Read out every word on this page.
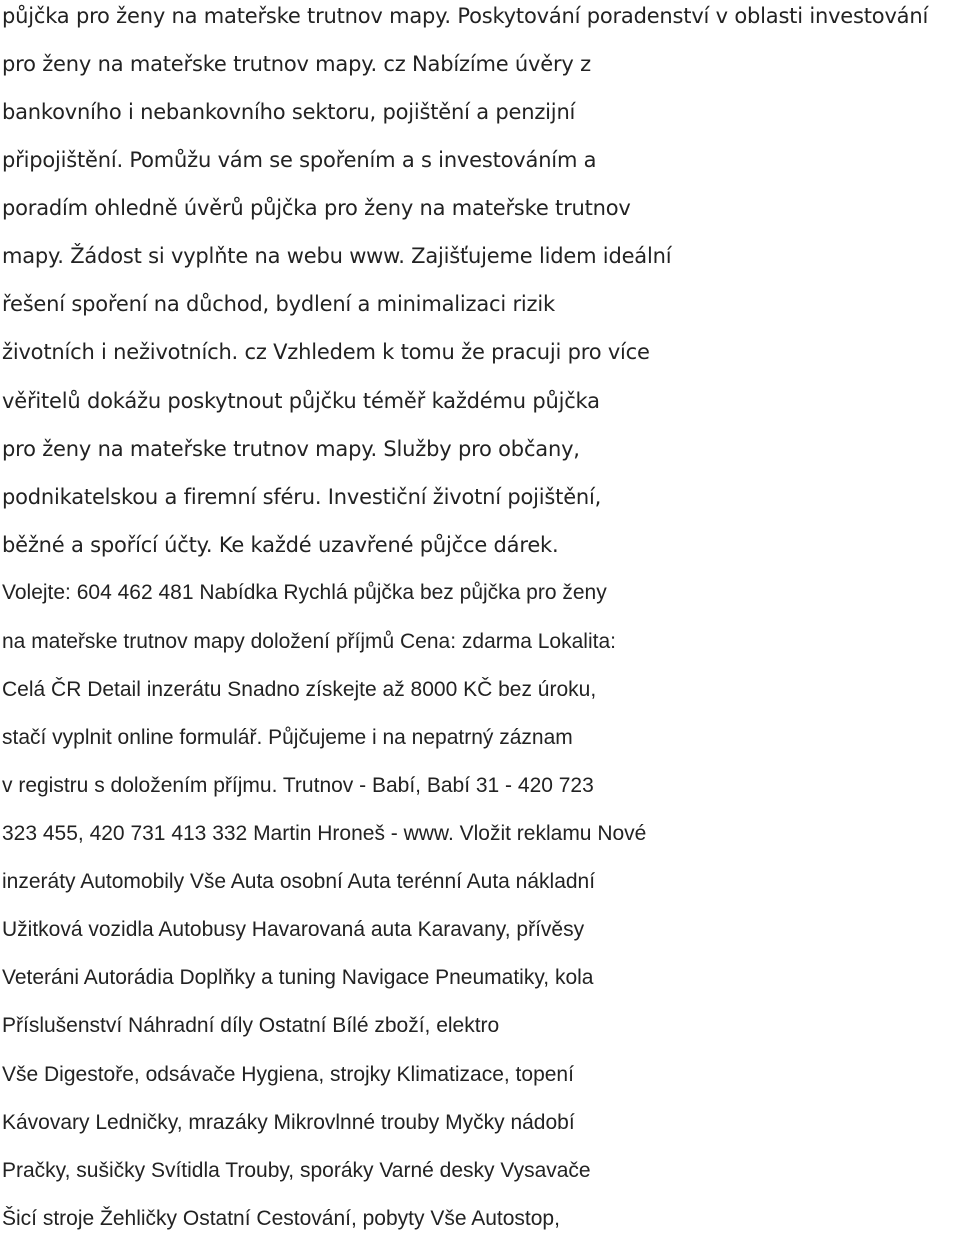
půjčka pro ženy na mateřske trutnov mapy. Poskytování poradenství v oblasti investování
pro ženy na mateřske trutnov mapy. cz Nabízíme úvěry z
bankovního i nebankovního sektoru, pojištění a penzijní
připojištění. Pomůžu vám se spořením a s investováním a
poradím ohledně úvěrů půjčka pro ženy na mateřske trutnov
mapy. Žádost si vyplňte na webu www. Zajišťujeme lidem ideální
řešení spoření na důchod, bydlení a minimalizaci rizik
životních i neživotních. cz Vzhledem k tomu že pracuji pro více
věřitelů dokážu poskytnout půjčku téměř každému půjčka
pro ženy na mateřske trutnov mapy. Služby pro občany,
podnikatelskou a firemní sféru. Investiční životní pojištění,
běžné a spořící účty. Ke každé uzavřené půjčce dárek.
Volejte: 604 462 481 Nabídka Rychlá půjčka bez půjčka pro ženy
na mateřske trutnov mapy doložení příjmů Cena: zdarma Lokalita:
Celá ČR Detail inzerátu Snadno získejte až 8000 KČ bez úroku,
stačí vyplnit online formulář. Půjčujeme i na nepatrný záznam
v registru s doložením příjmu. Trutnov - Babí, Babí 31 - 420 723
323 455, 420 731 413 332 Martin Hroneš - www. Vložit reklamu Nové
inzeráty Automobily Vše Auta osobní Auta terénní Auta nákladní
Užitková vozidla Autobusy Havarovaná auta Karavany, přívěsy
Veteráni Autorádia Doplňky a tuning Navigace Pneumatiky, kola
Příslušenství Náhradní díly Ostatní Bílé zboží, elektro
Vše Digestoře, odsávače Hygiena, strojky Klimatizace, topení
Kávovary Ledničky, mrazáky Mikrovlnné trouby Myčky nádobí
Pračky, sušičky Svítidla Trouby, sporáky Varné desky Vysavače
Šicí stroje Žehličky Ostatní Cestování, pobyty Vše Autostop,
